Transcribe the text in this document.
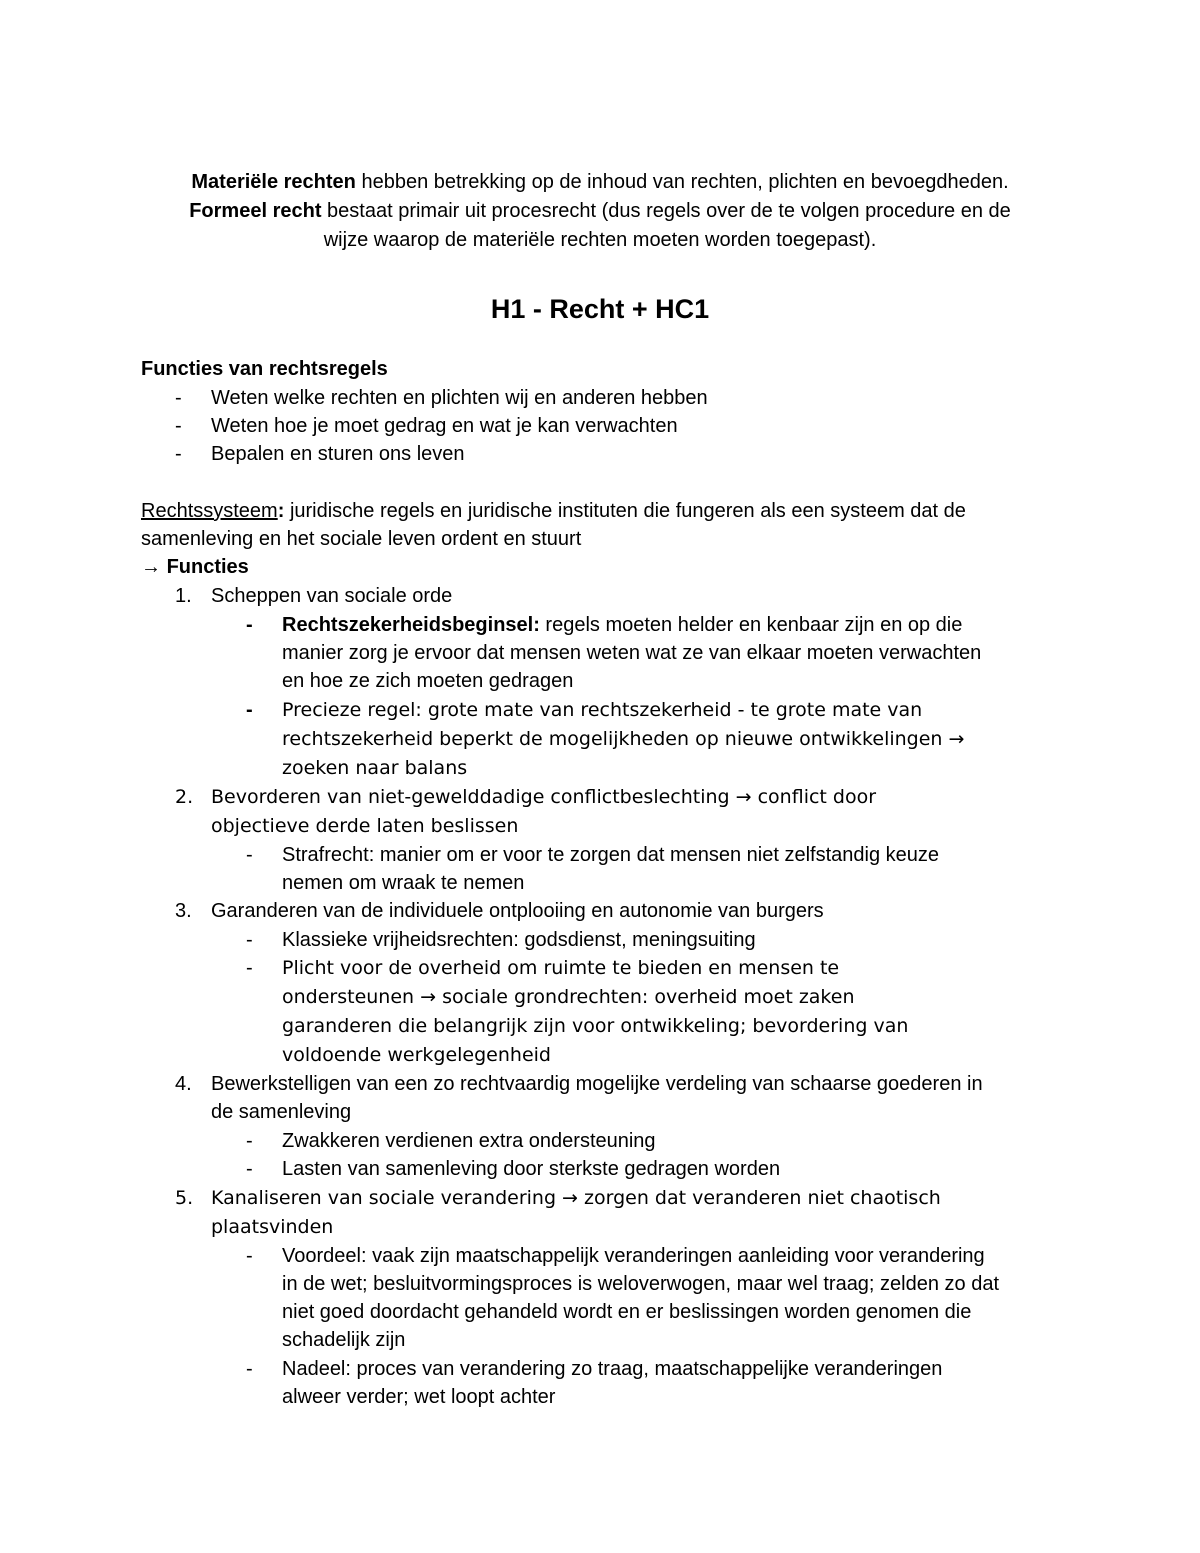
Materiële rechten hebben betrekking op de inhoud van rechten, plichten en bevoegdheden.
Formeel recht bestaat primair uit procesrecht (dus regels over de te volgen procedure en de
wijze waarop de materiële rechten moeten worden toegepast).
H1 - Recht + HC1
Functies van rechtsregels
- Weten welke rechten en plichten wij en anderen hebben
- Weten hoe je moet gedrag en wat je kan verwachten
- Bepalen en sturen ons leven
Rechtssysteem: juridische regels en juridische instituten die fungeren als een systeem dat de
samenleving en het sociale leven ordent en stuurt
→ Functies
1. Scheppen van sociale orde
- Rechtszekerheidsbeginsel: regels moeten helder en kenbaar zijn en op die
manier zorg je ervoor dat mensen weten wat ze van elkaar moeten verwachten
en hoe ze zich moeten gedragen
- Precieze regel: grote mate van rechtszekerheid - te grote mate van
rechtszekerheid beperkt de mogelijkheden op nieuwe ontwikkelingen →
zoeken naar balans
2. Bevorderen van niet-gewelddadige conflictbeslechting → conflict door
objectieve derde laten beslissen
- Strafrecht: manier om er voor te zorgen dat mensen niet zelfstandig keuze
nemen om wraak te nemen
3. Garanderen van de individuele ontplooiing en autonomie van burgers
- Klassieke vrijheidsrechten: godsdienst, meningsuiting
- Plicht voor de overheid om ruimte te bieden en mensen te
ondersteunen → sociale grondrechten: overheid moet zaken
garanderen die belangrijk zijn voor ontwikkeling; bevordering van
voldoende werkgelegenheid
4. Bewerkstelligen van een zo rechtvaardig mogelijke verdeling van schaarse goederen in
de samenleving
- Zwakkeren verdienen extra ondersteuning
- Lasten van samenleving door sterkste gedragen worden
5. Kanaliseren van sociale verandering → zorgen dat veranderen niet chaotisch
plaatsvinden
- Voordeel: vaak zijn maatschappelijk veranderingen aanleiding voor verandering
in de wet; besluitvormingsproces is weloverwogen, maar wel traag; zelden zo dat
niet goed doordacht gehandeld wordt en er beslissingen worden genomen die
schadelijk zijn
- Nadeel: proces van verandering zo traag, maatschappelijke veranderingen
alweer verder; wet loopt achter
